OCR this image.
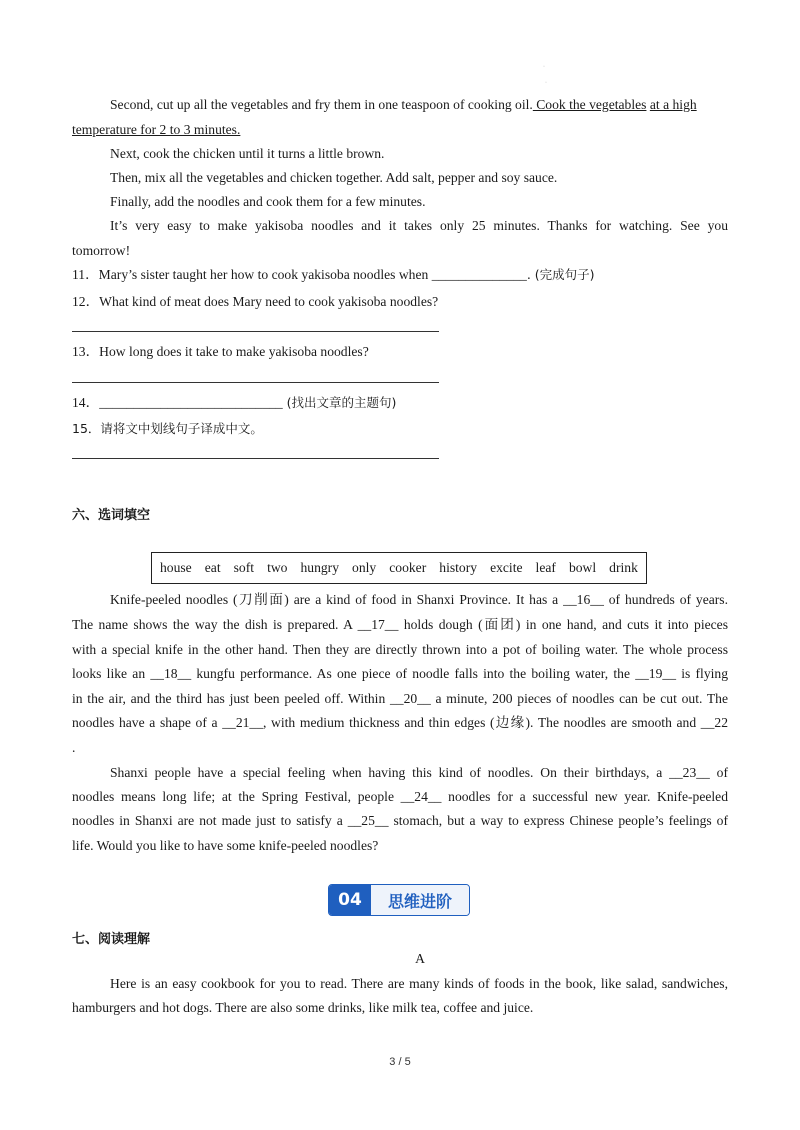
·
·
Second, cut up all the vegetables and fry them in one teaspoon of cooking oil. Cook the vegetables at a high
temperature for 2 to 3 minutes.
Next, cook the chicken until it turns a little brown.
Then, mix all the vegetables and chicken together. Add salt, pepper and soy sauce.
Finally, add the noodles and cook them for a few minutes.
It’s very easy to make yakisoba noodles and it takes only 25 minutes. Thanks for watching. See you
tomorrow!
11．Mary’s sister taught her how to cook yakisoba noodles when ______________. (完成句子)
12．What kind of meat does Mary need to cook yakisoba noodles?
13．How long does it take to make yakisoba noodles?
14．___________________________ (找出文章的主题句)
15．请将文中划线句子译成中文。
六、选词填空
house eat soft two hungry only cooker history excite leaf bowl drink
Knife-peeled noodles (刀削面) are a kind of food in Shanxi Province. It has a __16__ of hundreds of years.
The name shows the way the dish is prepared. A __17__ holds dough (面团) in one hand, and cuts it into pieces
with a special knife in the other hand. Then they are directly thrown into a pot of boiling water. The whole process
looks like an __18__ kungfu performance. As one piece of noodle falls into the boiling water, the __19__ is flying
in the air, and the third has just been peeled off. Within __20__ a minute, 200 pieces of noodles can be cut out. The
noodles have a shape of a __21__, with medium thickness and thin edges (边缘). The noodles are smooth and __22
.
Shanxi people have a special feeling when having this kind of noodles. On their birthdays, a __23__ of
noodles means long life; at the Spring Festival, people __24__ noodles for a successful new year. Knife-peeled
noodles in Shanxi are not made just to satisfy a __25__ stomach, but a way to express Chinese people’s feelings of
life. Would you like to have some knife-peeled noodles?
04	思维进阶
七、阅读理解
A
Here is an easy cookbook for you to read. There are many kinds of foods in the book, like salad, sandwiches,
hamburgers and hot dogs. There are also some drinks, like milk tea, coffee and juice.
3 / 5
